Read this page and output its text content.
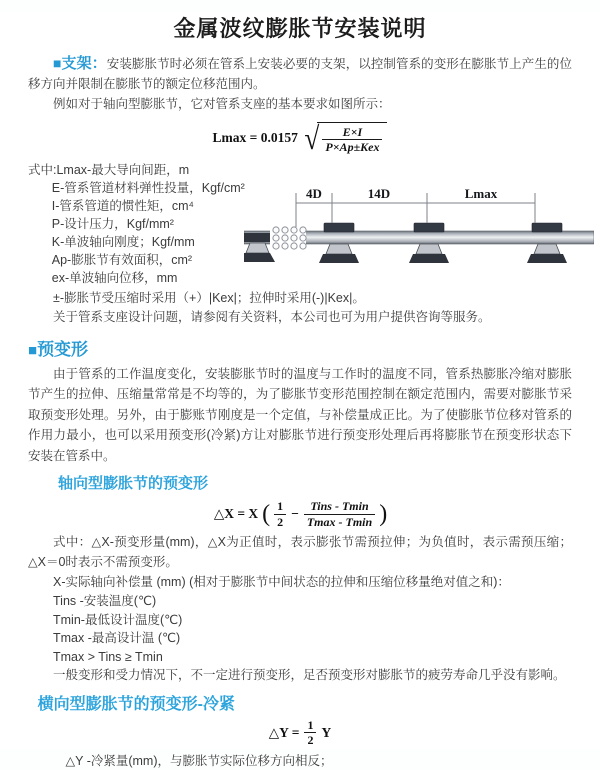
金属波纹膨胀节安装说明

■支架：安装膨胀节时必须在管系上安装必要的支架，以控制管系的变形在膨胀节上产生的位移方向并限制在膨胀节的额定位移范围内。

例如对于轴向型膨胀节，它对管系支座的基本要求如图所示：

Lmax = 0.0157 √ $\frac{E\times I}{\text{P×Ap±Kex}}$
式中:Lmax-最大导向间距，m
E-管系管道材料弹性投量，Kgf/cm²
I-管系管道的惯性矩，cm⁴
P-设计压力，Kgf/mm²
K-单波轴向刚度；Kgf/mm
Ap-膨胀节有效面积，cm²
ex-单波轴向位移，mm
4D	14D	Lmax

±-膨胀节受压缩时采用（+）|Kex|；拉伸时采用(-)|Kex|。

关于管系支座设计问题，请参阅有关资料，本公司也可为用户提供咨询等服务。

■预变形

由于管系的工作温度变化，安装膨胀节时的温度与工作时的温度不同，管系热膨胀冷缩对膨胀节产生的拉伸、压缩量常常是不均等的，为了膨胀节变形范围控制在额定范围内，需要对膨胀节采取预变形处理。另外，由于膨账节刚度是一个定值，与补偿量成正比。为了使膨胀节位移对管系的作用力最小，也可以采用预变形(冷紧)方让对膨胀节进行预变形处理后再将膨胀节在预变形状态下安装在管系中。

轴向型膨胀节的预变形
△X = X ( $\frac{1}{2} - \frac{\text{Tins - Tmin}}{Tmax - Tmin}$ )

式中：△X-预变形量(mm)，△X为正值时，表示膨张节需预拉伸；为负值时，表示需预压缩；△X＝0时表示不需预变形。

X-实际轴向补偿量 (mm) (相对于膨胀节中间状态的拉伸和压缩位移量绝对值之和)：

Tins -安装温度(℃)
Tmin-最低设计温度(℃)
Tmax -最高设计温 (℃)
Tmax > Tins ≥ Tmin

一般变形和受力情况下，不一定进行预变形，足否预变形对膨胀节的疲劳寿命几乎没有影响。

横向型膨胀节的预变形-冷紧
△Y = $\frac{1}{2}$ Y
△Y -冷紧量(mm)，与膨胀节实际位移方向相反；
